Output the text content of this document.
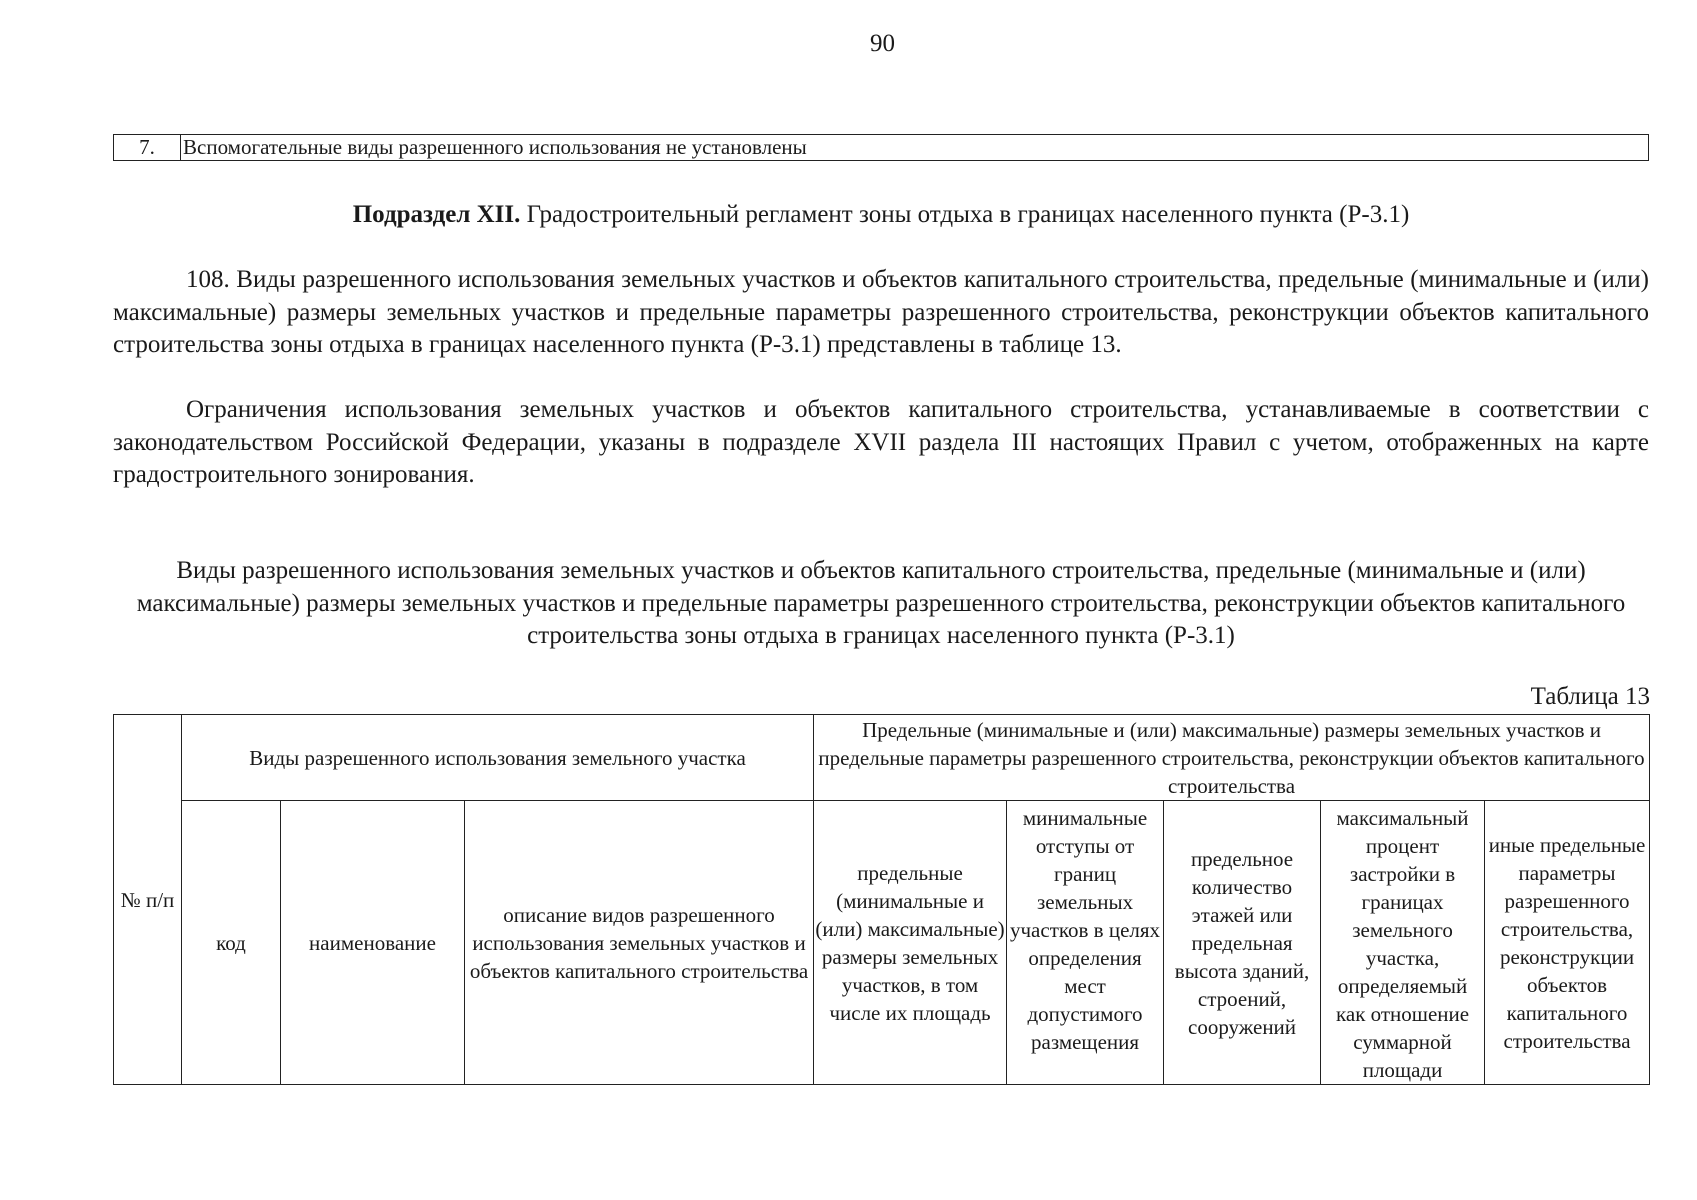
90
7.	Вспомогательные виды разрешенного использования не установлены
Подраздел XII. Градостроительный регламент зоны отдыха в границах населенного пункта (Р-3.1)

108. Виды разрешенного использования земельных участков и объектов капитального строительства, предельные (минимальные и (или) максимальные) размеры земельных участков и предельные параметры разрешенного строительства, реконструкции объектов капитального строительства зоны отдыха в границах населенного пункта (Р-3.1) представлены в таблице 13.

Ограничения использования земельных участков и объектов капитального строительства, устанавливаемые в соответствии с законодательством Российской Федерации, указаны в подразделе XVII раздела III настоящих Правил с учетом, отображенных на карте градостроительного зонирования.

Виды разрешенного использования земельных участков и объектов капитального строительства, предельные (минимальные и (или) максимальные) размеры земельных участков и предельные параметры разрешенного строительства, реконструкции объектов капитального строительства зоны отдыха в границах населенного пункта (Р-3.1)
Таблица 13
№ п/п	Виды разрешенного использования земельного участка			Предельные (минимальные и (или) максимальные) размеры земельных участков и предельные параметры разрешенного строительства, реконструкции объектов капитального строительства				
	код	наименование	описание видов разрешенного использования земельных участков и объектов капитального строительства	предельные (минимальные и (или) максимальные) размеры земельных участков, в том числе их площадь	минимальные отступы от границ земельных участков в целях определения мест допустимого размещения	предельное количество этажей или предельная высота зданий, строений, сооружений	максимальный процент застройки в границах земельного участка, определяемый как отношение суммарной площади	иные предельные параметры разрешенного строительства, реконструкции объектов капитального строительства
